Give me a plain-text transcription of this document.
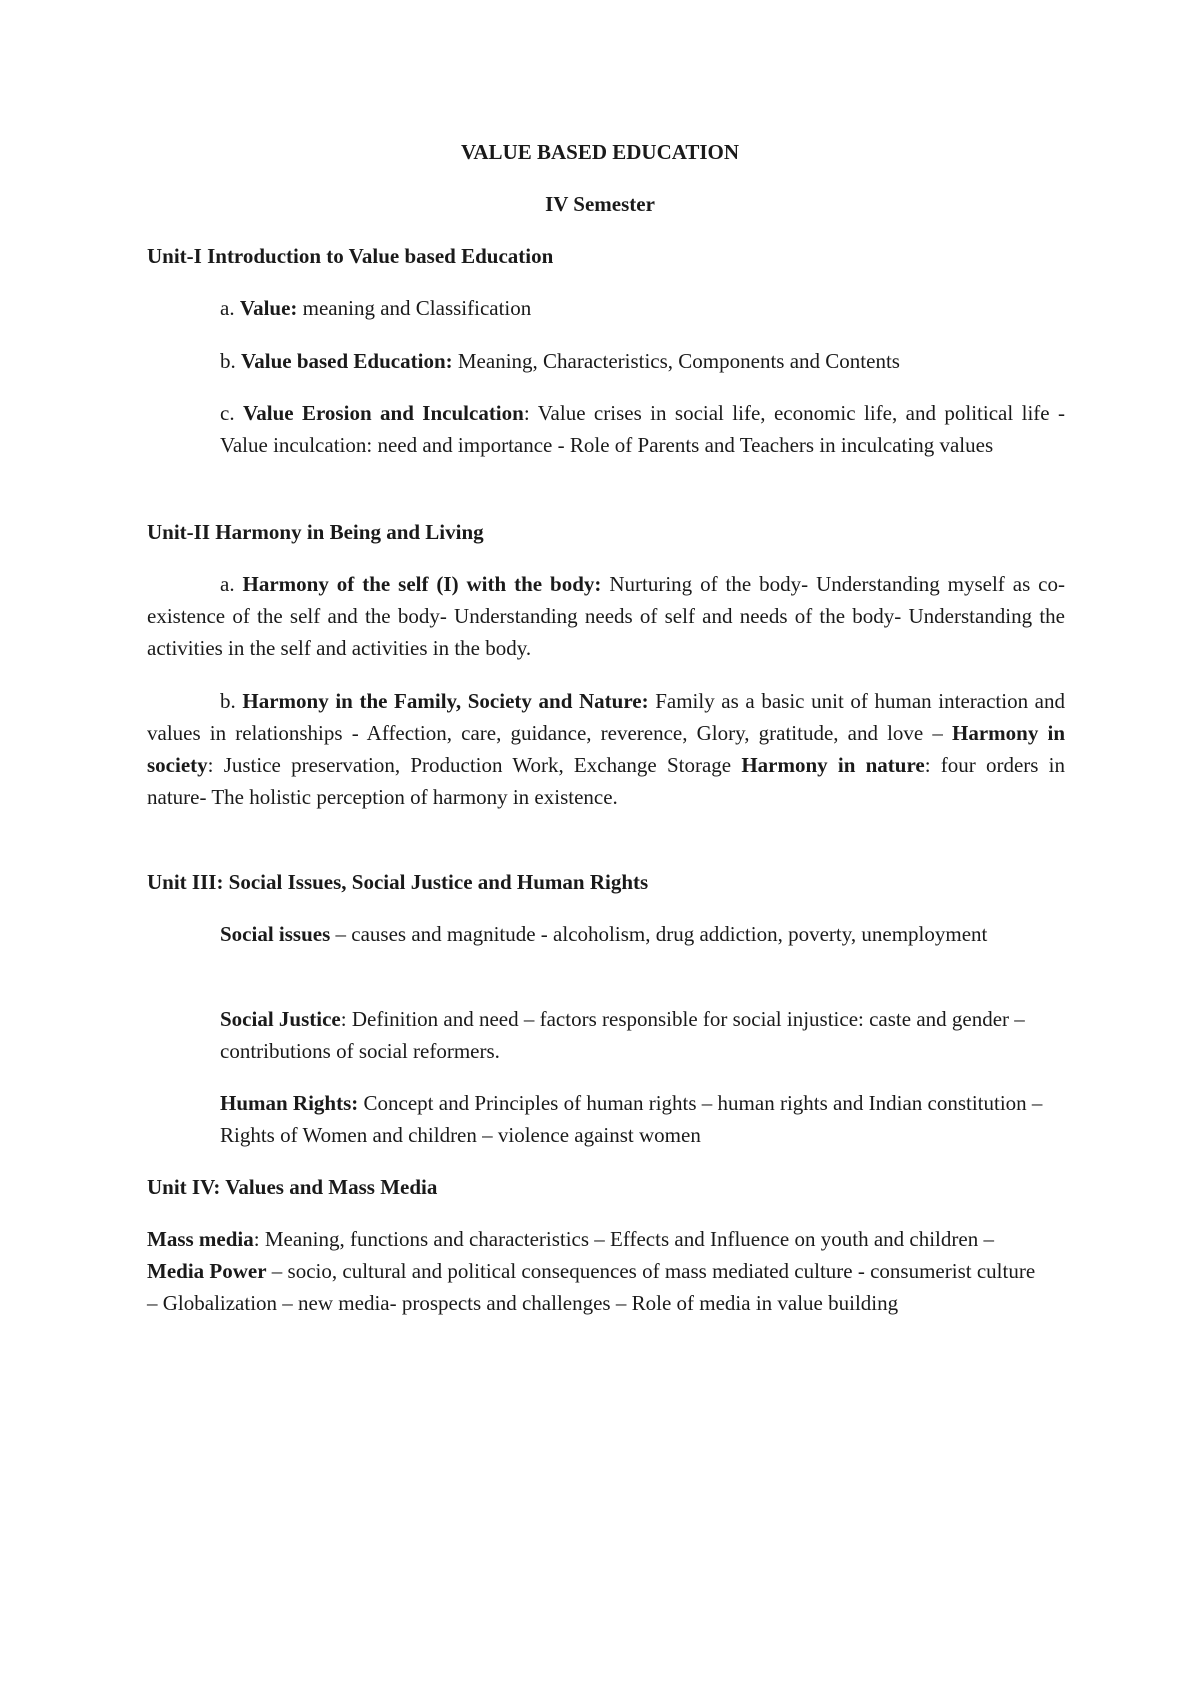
VALUE BASED EDUCATION
IV Semester
Unit-I Introduction to Value based Education
a. Value: meaning and Classification
b. Value based Education: Meaning, Characteristics, Components and Contents
c. Value Erosion and Inculcation: Value crises in social life, economic life, and political life - Value inculcation: need and importance - Role of Parents and Teachers in inculcating values
Unit-II Harmony in Being and Living
a. Harmony of the self (I) with the body: Nurturing of the body- Understanding myself as co-existence of the self and the body- Understanding needs of self and needs of the body- Understanding the activities in the self and activities in the body.
b. Harmony in the Family, Society and Nature: Family as a basic unit of human interaction and values in relationships - Affection, care, guidance, reverence, Glory, gratitude, and love – Harmony in society: Justice preservation, Production Work, Exchange Storage Harmony in nature: four orders in nature- The holistic perception of harmony in existence.
Unit III: Social Issues, Social Justice and Human Rights
Social issues – causes and magnitude - alcoholism, drug addiction, poverty, unemployment
Social Justice: Definition and need – factors responsible for social injustice: caste and gender – contributions of social reformers.
Human Rights: Concept and Principles of human rights – human rights and Indian constitution – Rights of Women and children – violence against women
Unit IV: Values and Mass Media
Mass media: Meaning, functions and characteristics – Effects and Influence on youth and children – Media Power – socio, cultural and political consequences of mass mediated culture - consumerist culture – Globalization – new media- prospects and challenges – Role of media in value building
